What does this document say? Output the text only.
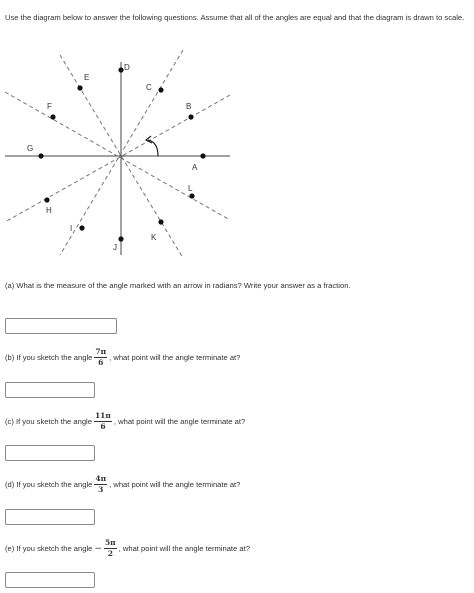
Use the diagram below to answer the following questions. Assume that all of the angles are equal and that the diagram is drawn to scale.
A
B
C
D
E
F
G
H
I
J
K
L
(a) What is the measure of the angle marked with an arrow in radians? Write your answer as a fraction.
(b) If you sketch the angle $\frac{7\pi}{6}$ , what point will the angle terminate at?
(c) If you sketch the angle $\frac{11\pi}{6}$ , what point will the angle terminate at?
(d) If you sketch the angle $\frac{4\pi}{3}$ , what point will the angle terminate at?
(e) If you sketch the angle − $\frac{5\pi}{2}$ , what point will the angle terminate at?
